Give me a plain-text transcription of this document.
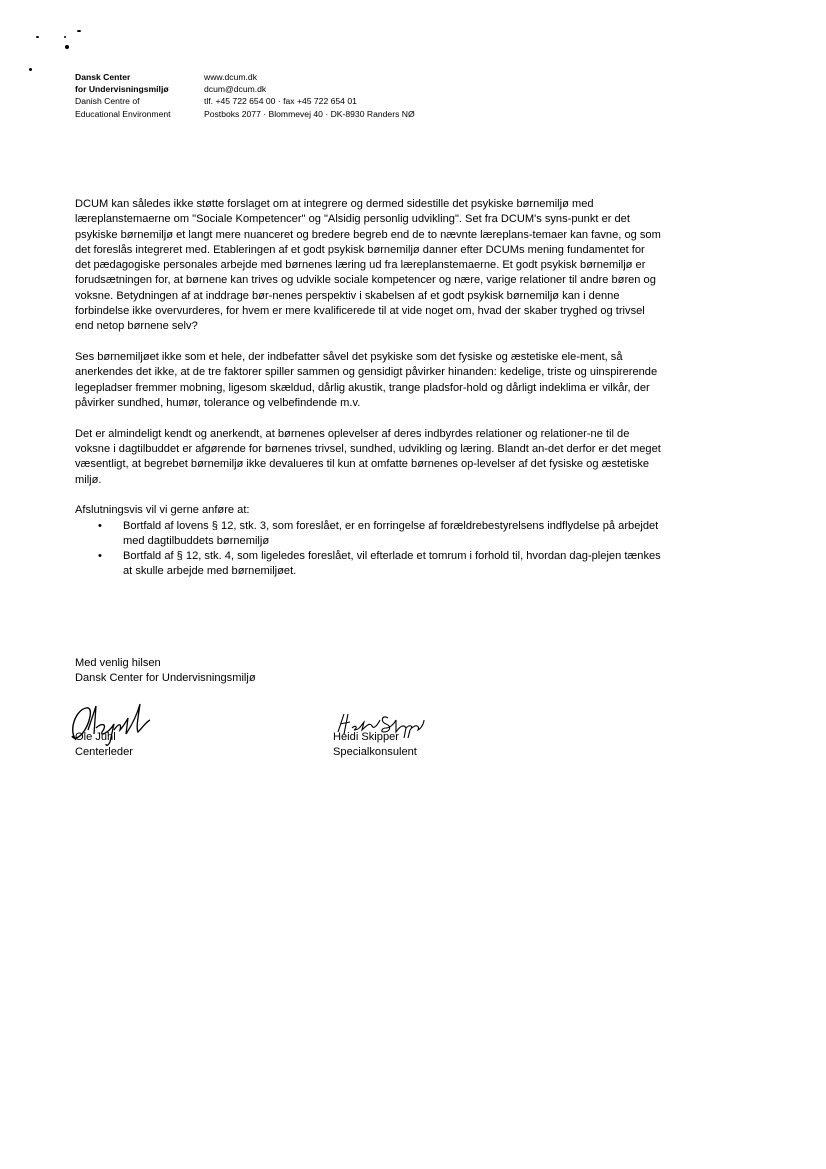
Dansk Center
for Undervisningsmiljø
Danish Centre of
Educational Environment
www.dcum.dk
dcum@dcum.dk
tlf. +45 722 654 00 · fax +45 722 654 01
Postboks 2077 · Blommevej 40 · DK-8930 Randers NØ

DCUM kan således ikke støtte forslaget om at integrere og dermed sidestille det psykiske børnemiljø med læreplanstemaerne om "Sociale Kompetencer" og "Alsidig personlig udvikling". Set fra DCUM's syns-punkt er det psykiske børnemiljø et langt mere nuanceret og bredere begreb end de to nævnte læreplans-temaer kan favne, og som det foreslås integreret med. Etableringen af et godt psykisk børnemiljø danner efter DCUMs mening fundamentet for det pædagogiske personales arbejde med børnenes læring ud fra læreplanstemaerne. Et godt psykisk børnemiljø er forudsætningen for, at børnene kan trives og udvikle sociale kompetencer og nære, varige relationer til andre børen og voksne. Betydningen af at inddrage bør-nenes perspektiv i skabelsen af et godt psykisk børnemiljø kan i denne forbindelse ikke overvurderes, for hvem er mere kvalificerede til at vide noget om, hvad der skaber tryghed og trivsel end netop børnene selv?

Ses børnemiljøet ikke som et hele, der indbefatter såvel det psykiske som det fysiske og æstetiske ele-ment, så anerkendes det ikke, at de tre faktorer spiller sammen og gensidigt påvirker hinanden: kedelige, triste og uinspirerende legepladser fremmer mobning, ligesom skældud, dårlig akustik, trange pladsfor-hold og dårligt indeklima er vilkår, der påvirker sundhed, humør, tolerance og velbefindende m.v.

Det er almindeligt kendt og anerkendt, at børnenes oplevelser af deres indbyrdes relationer og relationer-ne til de voksne i dagtilbuddet er afgørende for børnenes trivsel, sundhed, udvikling og læring. Blandt an-det derfor er det meget væsentligt, at begrebet børnemiljø ikke devalueres til kun at omfatte børnenes op-levelser af det fysiske og æstetiske miljø.

Afslutningsvis vil vi gerne anføre at:

• Bortfald af lovens § 12, stk. 3, som foreslået, er en forringelse af forældrebestyrelsens indflydelse på arbejdet med dagtilbuddets børnemiljø
• Bortfald af § 12, stk. 4, som ligeledes foreslået, vil efterlade et tomrum i forhold til, hvordan dag-plejen tænkes at skulle arbejde med børnemiljøet.
Med venlig hilsen
Dansk Center for Undervisningsmiljø
Ole Juhl
Centerleder
Heidi Skipper
Specialkonsulent
